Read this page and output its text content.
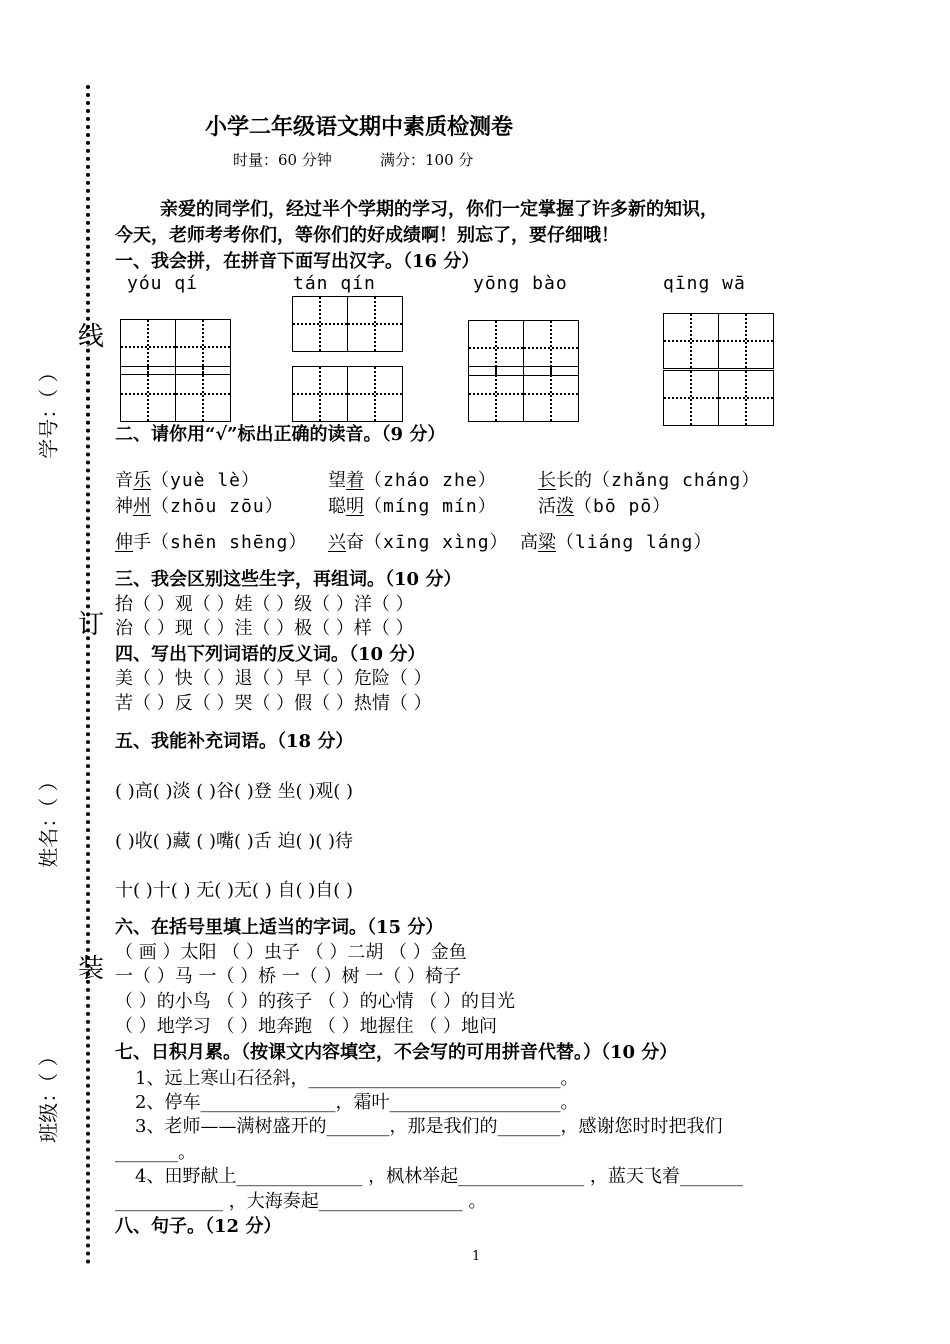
线
订
装
学号：（ ）
姓名：（ ）
班级：（ ）
小学二年级语文期中素质检测卷
时量：60 分钟	满分：100 分
亲爱的同学们，经过半个学期的学习，你们一定掌握了许多新的知识，
今天，老师考考你们，等你们的好成绩啊！别忘了，要仔细哦！
一、我会拼，在拼音下面写出汉字。（16 分）
yóu qí	tán qín	yōng bào	qīng wā
二、请你用“√”标出正确的读音。（9 分）
音乐（yuè lè）	望着（zháo zhe） 长长的（zhǎng cháng）
神州（zhōu zōu） 聪明（míng mín） 活泼（bō pō）
伸手（shēn shēng） 兴奋（xīng xìng） 高粱（liáng láng）
三、我会区别这些生字，再组词。（10 分）
抬（ ）观（ ）娃（ ）级（ ）洋（ ）
治（ ）现（ ）洼（ ）极（ ）样（ ）
四、写出下列词语的反义词。（10 分）
美（ ）快（ ）退（ ）早（ ）危险（ ）
苦（ ）反（ ）哭（ ）假（ ）热情（ ）
五、我能补充词语。（18 分）
( )高( )淡 ( )谷( )登 坐( )观( )
( )收( )藏 ( )嘴( )舌 迫( )( )待
十( )十( ) 无( )无( ) 自( )自( )
六、在括号里填上适当的字词。（15 分）
（ 画 ）太阳 （ ）虫子 （ ）二胡 （ ）金鱼
一（ ）马 一（ ）桥 一（ ）树 一（ ）椅子
（ ）的小鸟 （ ）的孩子 （ ）的心情 （ ）的目光
（ ）地学习 （ ）地奔跑 （ ）地握住 （ ）地问
七、日积月累。（按课文内容填空，不会写的可用拼音代替。）（10 分）
1、远上寒山石径斜，____________________________。
2、停车_______________，霜叶___________________。
3、老师——满树盛开的_______，那是我们的_______，感谢您时时把我们
_______。
4、田野献上______________ ，枫林举起______________ ，蓝天飞着_______
____________ ，大海奏起________________ 。
八、句子。（12 分）
1
